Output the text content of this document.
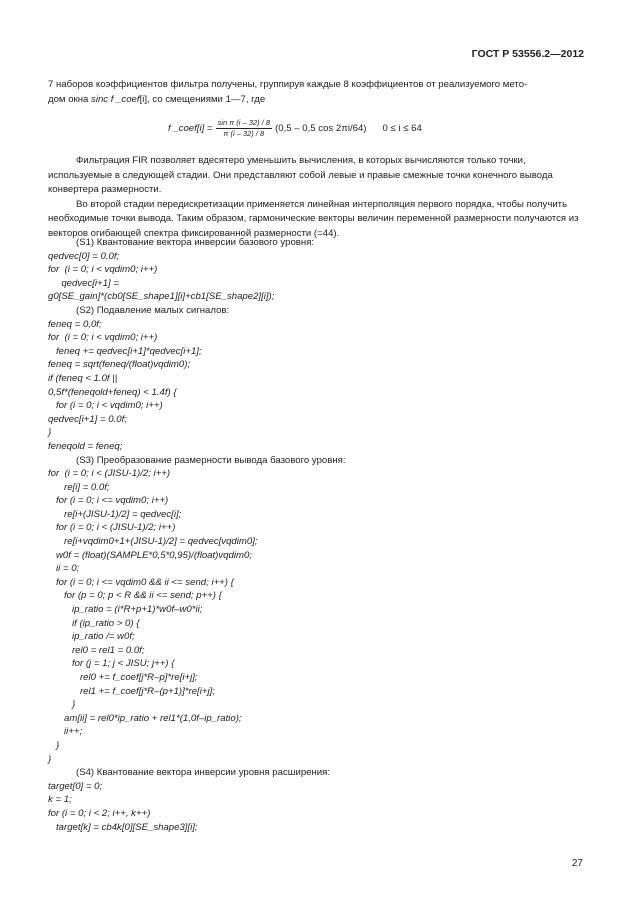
ГОСТ Р 53556.2—2012

7 наборов коэффициентов фильтра получены, группируя каждые 8 коэффициентов от реализуемого мето-

дом окна sinc f _coef[i], со смещениями 1—7, где

f _coef[i] = $\frac{\text{sin π (i – 32) / 8}}{\pi (i - 32) / 8} (0,5 - 0,5$ cos 2πi/64) 0 ≤ i ≤ 64

Фильтрация FIR позволяет вдесятеро уменьшить вычисления, в которых вычисляются только точки, используемые в следующей стадии. Они представляют собой левые и правые смежные точки конечного вывода конвертера размерности.

Во второй стадии передискретизации применяется линейная интерполяция первого порядка, чтобы получить необходимые точки вывода. Таким образом, гармонические векторы величин переменной размерности получаются из векторов огибающей спектра фиксированной размерности (=44).

(S1) Квантование вектора инверсии базового уровня:
qedvec[0] = 0.0f;
for  (i = 0; i < vqdim0; i++)
qedvec[i+1] =
g0[SE_gain]*(cb0[SE_shape1][i]+cb1[SE_shape2][i]);
(S2) Подавление малых сигналов:
feneq = 0,0f;
for  (i = 0; i < vqdim0; i++)
feneq += qedvec[i+1]*qedvec[i+1];
feneq = sqrt(feneq/(float)vqdim0);
if (feneq < 1.0f ||
0,5f*(feneqold+feneq) < 1.4f) {
for (i = 0; i < vqdim0; i++)
qedvec[i+1] = 0.0f;
}
feneqold = feneq;
(S3) Преобразование размерности вывода базового уровня:
for  (i = 0; i < (JISU-1)/2; i++)
re[i] = 0.0f;
for (i = 0; i <= vqdim0; i++)
re[i+(JISU-1)/2] = qedvec[i];
for (i = 0; i < (JISU-1)/2; i++)
re[i+vqdim0+1+(JISU-1)/2] = qedvec[vqdim0];
w0f = (float)(SAMPLE*0,5*0,95)/(float)vqdim0;
ii = 0;
for (i = 0; i <= vqdim0 && ii <= send; i++) {
for (p = 0; p < R && ii <= send; p++) {
ip_ratio = (i*R+p+1)*w0f–w0*ii;
if (ip_ratio > 0) {
ip_ratio /= w0f;
rel0 = rel1 = 0.0f;
for (j = 1; j < JISU; j++) {
rel0 += f_coef[j*R–p]*re[i+j];
rel1 += f_coef[j*R–(p+1)]*re[i+j];
}
am[ii] = rel0*ip_ratio + rel1*(1,0f–ip_ratio);
ii++;
}
}
(S4) Квантование вектора инверсии уровня расширения:
target[0] = 0;
k = 1;
for (i = 0; i < 2; i++, k++)
target[k] = cb4k[0][SE_shape3][i];
27
